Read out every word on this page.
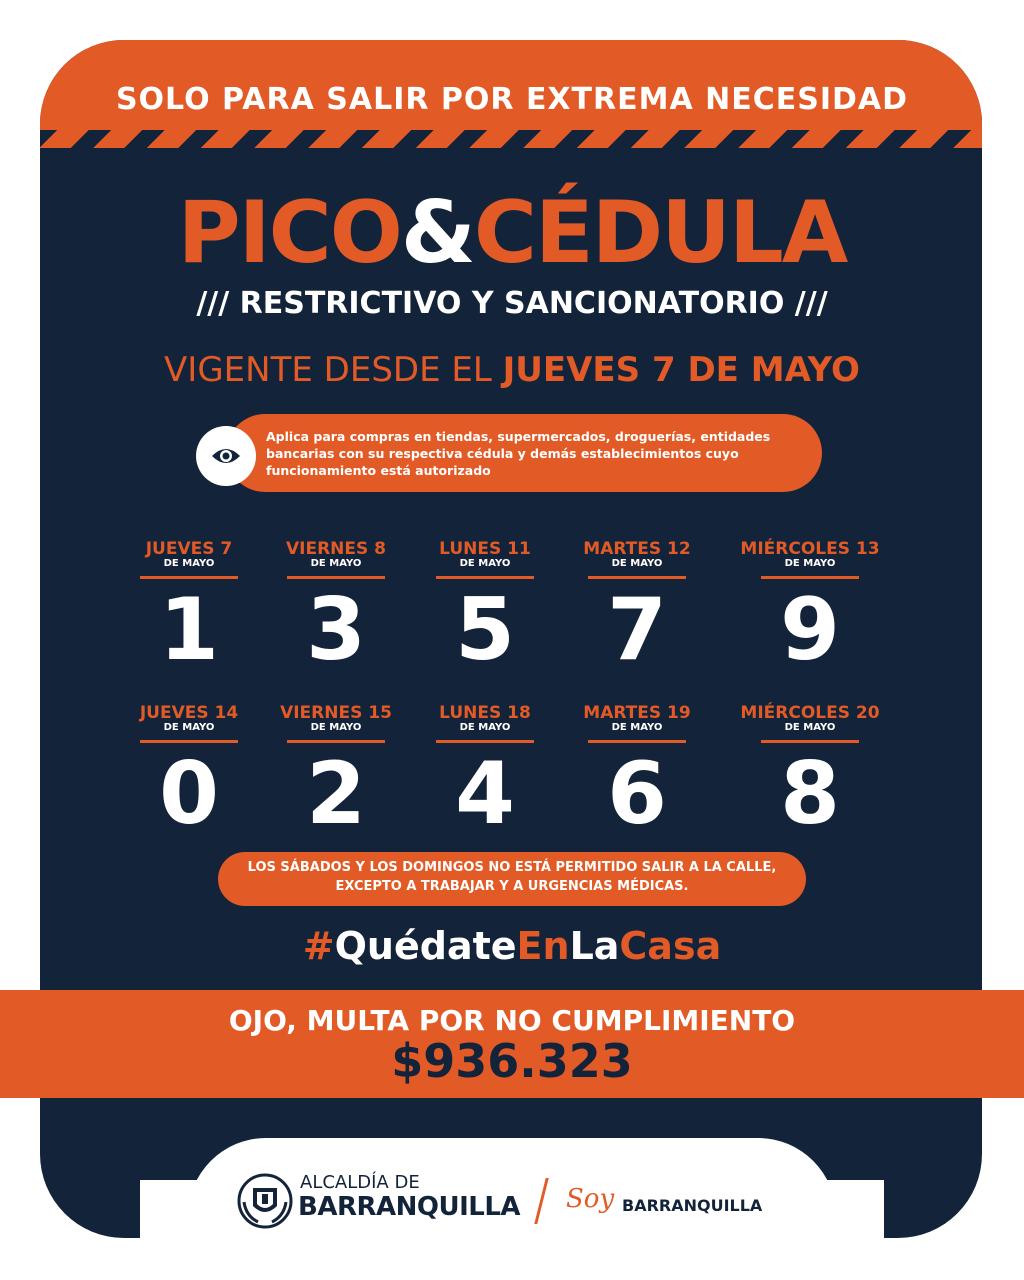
SOLO PARA SALIR POR EXTREMA NECESIDAD
PICO&CÉDULA
/// RESTRICTIVO Y SANCIONATORIO ///
VIGENTE DESDE EL JUEVES 7 DE MAYO
Aplica para compras en tiendas, supermercados, droguerías, entidades bancarias con su respectiva cédula y demás establecimientos cuyo funcionamiento está autorizado
JUEVES 7
DE MAYO
1
VIERNES 8
DE MAYO
3
LUNES 11
DE MAYO
5
MARTES 12
DE MAYO
7
MIÉRCOLES 13
DE MAYO
9
JUEVES 14
DE MAYO
0
VIERNES 15
DE MAYO
2
LUNES 18
DE MAYO
4
MARTES 19
DE MAYO
6
MIÉRCOLES 20
DE MAYO
8
LOS SÁBADOS Y LOS DOMINGOS NO ESTÁ PERMITIDO SALIR A LA CALLE,
EXCEPTO A TRABAJAR Y A URGENCIAS MÉDICAS.
#QuédateEnLaCasa
OJO, MULTA POR NO CUMPLIMIENTO
$936.323
ALCALDÍA DE
BARRANQUILLA Soy BARRANQUILLA
